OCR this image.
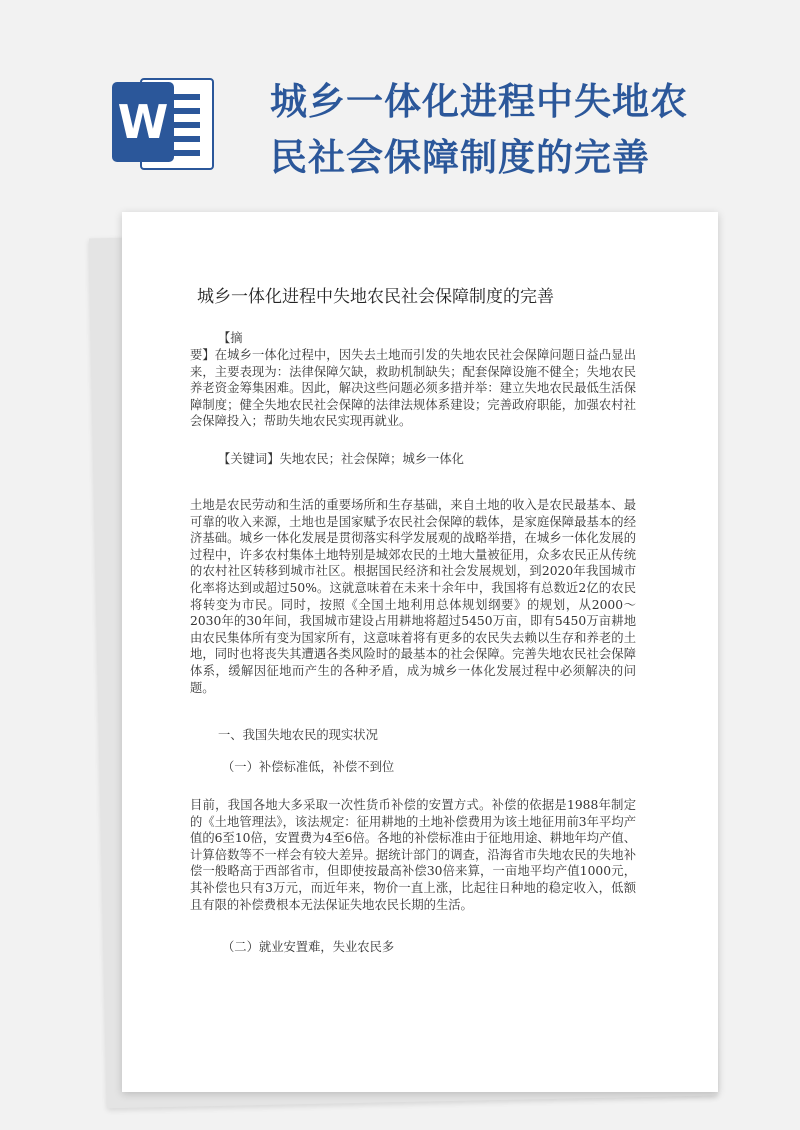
W	城乡一体化进程中失地农民社会保障制度的完善
城乡一体化进程中失地农民社会保障制度的完善
【摘
要】在城乡一体化过程中，因失去土地而引发的失地农民社会保障问题日益凸显出来，主要表现为：法律保障欠缺，救助机制缺失；配套保障设施不健全；失地农民养老资金筹集困难。因此，解决这些问题必须多措并举：建立失地农民最低生活保障制度；健全失地农民社会保障的法律法规体系建设；完善政府职能，加强农村社会保障投入；帮助失地农民实现再就业。
【关键词】失地农民；社会保障；城乡一体化
土地是农民劳动和生活的重要场所和生存基础，来自土地的收入是农民最基本、最可靠的收入来源，土地也是国家赋予农民社会保障的载体，是家庭保障最基本的经济基础。城乡一体化发展是贯彻落实科学发展观的战略举措，在城乡一体化发展的过程中，许多农村集体土地特别是城郊农民的土地大量被征用，众多农民正从传统的农村社区转移到城市社区。根据国民经济和社会发展规划，到2020年我国城市化率将达到或超过50%。这就意味着在未来十余年中，我国将有总数近2亿的农民将转变为市民。同时，按照《全国土地利用总体规划纲要》的规划，从2000～2030年的30年间，我国城市建设占用耕地将超过5450万亩，即有5450万亩耕地由农民集体所有变为国家所有，这意味着将有更多的农民失去赖以生存和养老的土地，同时也将丧失其遭遇各类风险时的最基本的社会保障。完善失地农民社会保障体系，缓解因征地而产生的各种矛盾，成为城乡一体化发展过程中必须解决的问题。
一、我国失地农民的现实状况
（一）补偿标准低，补偿不到位
目前，我国各地大多采取一次性货币补偿的安置方式。补偿的依据是1988年制定的《土地管理法》，该法规定：征用耕地的土地补偿费用为该土地征用前3年平均产值的6至10倍，安置费为4至6倍。各地的补偿标准由于征地用途、耕地年均产值、计算倍数等不一样会有较大差异。据统计部门的调查，沿海省市失地农民的失地补偿一般略高于西部省市，但即使按最高补偿30倍来算，一亩地平均产值1000元，其补偿也只有3万元，而近年来，物价一直上涨，比起往日种地的稳定收入，低额且有限的补偿费根本无法保证失地农民长期的生活。
（二）就业安置难，失业农民多
